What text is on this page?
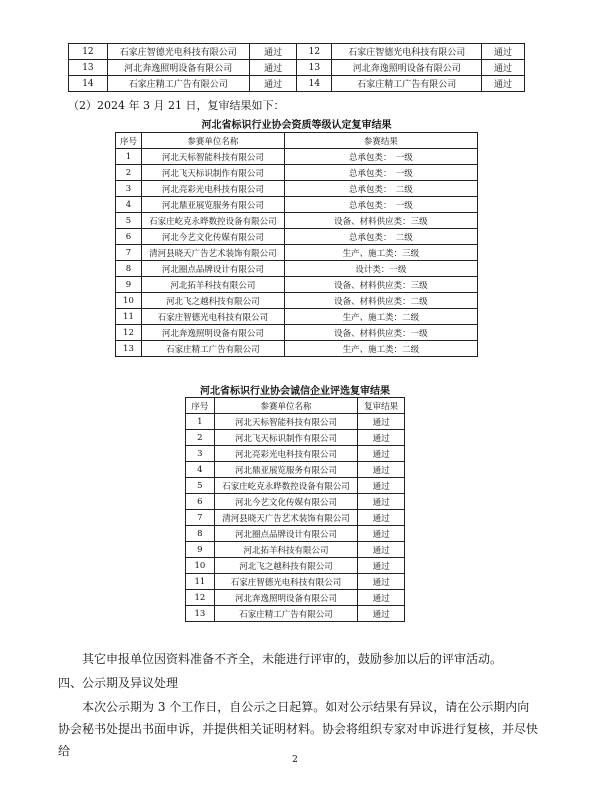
12	石家庄智德光电科技有限公司	通过	12	石家庄智德光电科技有限公司	通过
13	河北奔逸照明设备有限公司	通过	13	河北奔逸照明设备有限公司	通过
14	石家庄精工广告有限公司	通过	14	石家庄精工广告有限公司	通过
（2）2024 年 3 月 21 日，复审结果如下：
河北省标识行业协会资质等级认定复审结果
序号	参赛单位名称	参赛结果
1	河北天标智能科技有限公司	总承包类：　一级
2	河北飞天标识制作有限公司	总承包类：　一级
3	河北亮彩光电科技有限公司	总承包类：　二级
4	河北鼎亚展览服务有限公司	总承包类：　一级
5	石家庄屹克永晔数控设备有限公司	设备、材料供应类：三级
6	河北今艺文化传媒有限公司	总承包类：　二级
7	清河县晓天广告艺术装饰有限公司	生产、施工类：三级
8	河北圈点品牌设计有限公司	设计类：一级
9	河北拓羊科技有限公司	设备、材料供应类：三级
10	河北飞之越科技有限公司	设备、材料供应类：二级
11	石家庄智德光电科技有限公司	生产、施工类：二级
12	河北奔逸照明设备有限公司	设备、材料供应类：一级
13	石家庄精工广告有限公司	生产、施工类：二级
河北省标识行业协会诚信企业评选复审结果
序号	参赛单位名称	复审结果
1	河北天标智能科技有限公司	通过
2	河北飞天标识制作有限公司	通过
3	河北亮彩光电科技有限公司	通过
4	河北鼎亚展览服务有限公司	通过
5	石家庄屹克永晔数控设备有限公司	通过
6	河北今艺文化传媒有限公司	通过
7	清河县晓天广告艺术装饰有限公司	通过
8	河北圈点品牌设计有限公司	通过
9	河北拓羊科技有限公司	通过
10	河北飞之越科技有限公司	通过
11	石家庄智德光电科技有限公司	通过
12	河北奔逸照明设备有限公司	通过
13	石家庄精工广告有限公司	通过
其它申报单位因资料准备不齐全，未能进行评审的，鼓励参加以后的评审活动。
四、公示期及异议处理
本次公示期为 3 个工作日，自公示之日起算。如对公示结果有异议，请在公示期内向协会秘书处提出书面申诉，并提供相关证明材料。协会将组织专家对申诉进行复核，并尽快给
2
